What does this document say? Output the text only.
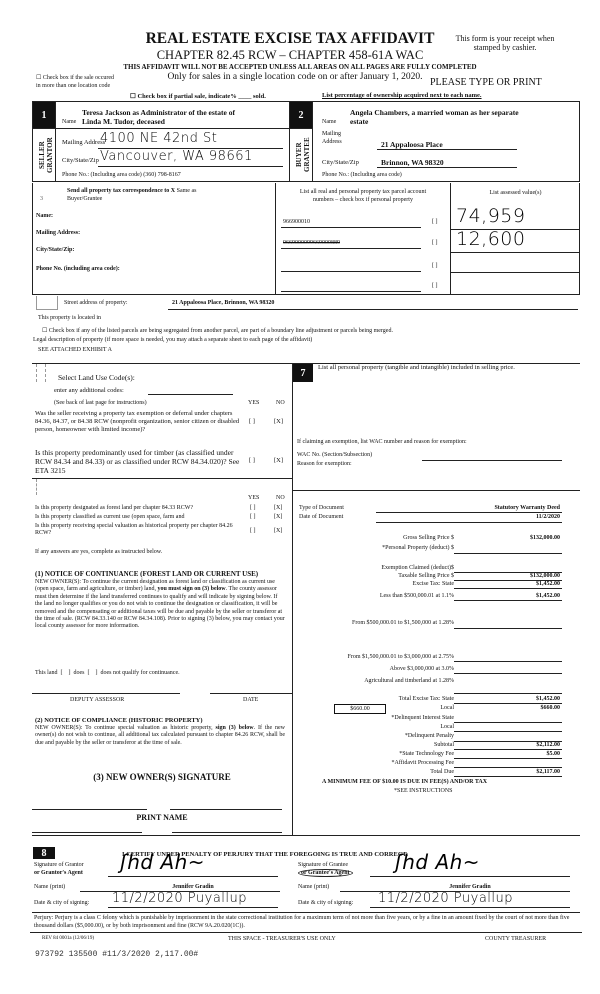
REAL ESTATE EXCISE TAX AFFIDAVIT
CHAPTER 82.45 RCW – CHAPTER 458-61A WAC
This form is your receipt when
stamped by cashier.
THIS AFFIDAVIT WILL NOT BE ACCEPTED UNLESS ALL AREAS ON ALL PAGES ARE FULLY COMPLETED
Only for sales in a single location code on or after January 1, 2020.
☐ Check box if the sale occured
in more than one location code	PLEASE TYPE OR PRINT
☐ Check box if partial sale, indicate% ____ sold.	List percentage of ownership acquired next to each name.
1
SELLER GRANTOR
Name
Teresa Jackson as Administrator of the estate of
Linda M. Tudor, deceased
Mailing Address
4100 NE 42nd St
City/State/Zip Vancouver, WA 98661
Phone No.: (Including area code) (360) 798-8167
2
BUYER GRANTEE
Name
Angela Chambers, a married woman as her separate
estate
Mailing
Address	21 Appaloosa Place
City/State/Zip	Brinnon, WA 98320
Phone No.: (Including area code)
3
Send all property tax correspondence to X Same as
Buyer/Grantee
Name:
Mailing Address:
City/State/Zip:
Phone No. (including area code):
List all real and personal property tax parcel account
numbers – check box if personal property
List assessed value(s)
966900010	[ ] 74,959
9669000099669000889	[ ] 12,600
[ ]
[ ]
Street address of property:	21 Appaloosa Place, Brinnon, WA 98320
This property is located in
☐ Check box if any of the listed parcels are being segregated from another parcel, are part of a boundary line adjustment or parcels being merged.
Legal description of property (if more space is needed, you may attach a separate sheet to each page of the affidavit)
SEE ATTACHED EXHIBIT A
Select Land Use Code(s):
enter any additional codes:
(See back of last page for instructions)	YES	NO
Was the seller receiving a property tax exemption or deferral under chapters 84.36, 84.37, or 84.38 RCW (nonprofit organization, senior citizen or disabled person, homeowner with limited income)?
[ ]	[X]
Is this property predominantly used for timber (as classified under RCW 84.34 and 84.33) or as classified under RCW 84.34.020)? See ETA 3215
[ ]	[X]
YES	NO
Is this property designated as forest land per chapter 84.33 RCW?	[ ]	[X]
Is this property classified as current use (open space, farm and	[ ]	[X]
Is this property receiving special valuation as historical property per chapter 84.26 RCW?	[ ]	[X]
If any answers are yes, complete as instructed below.
(1) NOTICE OF CONTINUANCE (FOREST LAND OR CURRENT USE)
NEW OWNER(S): To continue the current designation as forest land or classification as current use (open space, farm and agriculture, or timber) land, you must sign on (3) below. The county assessor must then determine if the land transferred continues to qualify and will indicate by signing below. If the land no longer qualifies or you do not wish to continue the designation or classification, it will be removed and the compensating or additional taxes will be due and payable by the seller or transferor at the time of sale. (RCW 84.33.140 or RCW 84.34.108). Prior to signing (3) below, you may contact your local county assessor for more information.
This land  [    ]  does  [    ]  does not qualify for continuance.
DEPUTY ASSESSOR	DATE
(2) NOTICE OF COMPLIANCE (HISTORIC PROPERTY)
NEW OWNER(S): To continue special valuation as historic property, sign (3) below. If the new owner(s) do not wish to continue, all additional tax calculated pursuant to chapter 84.26 RCW, shall be due and payable by the seller or transferor at the time of sale.
(3) NEW OWNER(S) SIGNATURE
PRINT NAME
7	List all personal property (tangible and intangible) included in selling price.
If claiming an exemption, list WAC number and reason for exemption:
WAC No. (Section/Subsection)
Reason for exemption:
Type of Document	Statutory Warranty Deed
Date of Document	11/2/2020
Gross Selling Price $	$132,000.00
*Personal Property (deduct) $
Exemption Claimed (deduct)$
Taxable Selling Price $	$132,000.00
Excise Tax: State	$1,452.00
Less than $500,000.01 at 1.1%	$1,452.00
From $500,000.01 to $1,500,000 at 1.28%
From $1,500,000.01 to $3,000,000 at 2.75%
Above $3,000,000 at 3.0%
Agricultural and timberland at 1.28%
Total Excise Tax: State	$1,452.00
$660.00	Local	$660.00
*Delinquent Interest State
Local
*Delinquent Penalty
Subtotal	$2,112.00
*State Technology Fee	$5.00
*Affidavit Processing Fee
Total Due	$2,117.00
A MINIMUM FEE OF $10.00 IS DUE IN FEE(S) AND/OR TAX
*SEE INSTRUCTIONS
8	I CERTIFY UNDER PENALTY OF PERJURY THAT THE FOREGOING IS TRUE AND CORRECT.
Signature of Grantor
or Grantor's Agent ʃhd Ah~
Name (print)	Jennifer Gradin
Date & city of signing: 11/2/2020 Puyallup
Signature of Grantee
or Grantee's Agent ʃhd Ah~
Name (print)	Jennifer Gradin
Date & city of signing: 11/2/2020 Puyallup
Perjury: Perjury is a class C felony which is punishable by imprisonment in the state correctional institution for a maximum term of not more than five years, or by a fine in an amount fixed by the court of not more than five thousand dollars ($5,000.00), or by both imprisonment and fine (RCW 9A.20.020(1C)).
REV 84 0001a (12/06/19)	THIS SPACE - TREASURER'S USE ONLY	COUNTY TREASURER
973792 135500 #11/3/2020 2,117.00#
